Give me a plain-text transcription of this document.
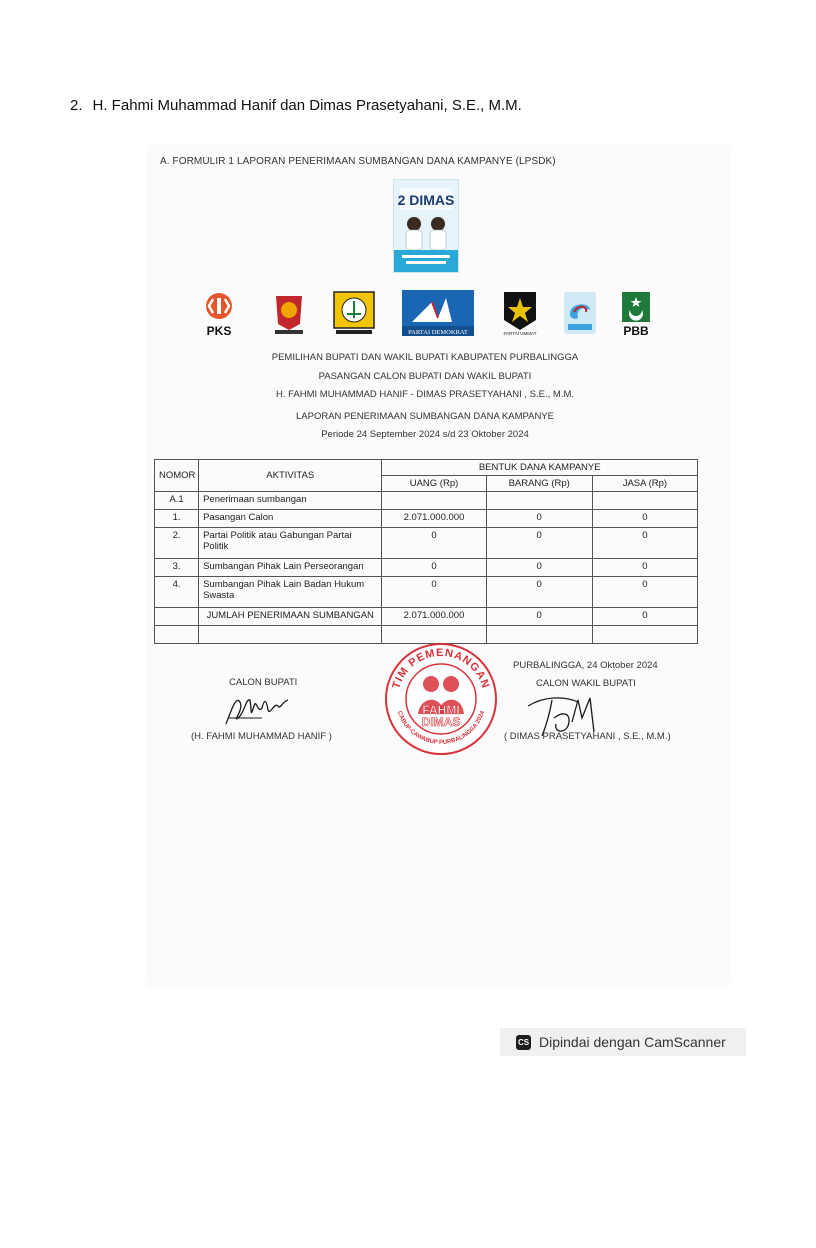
2. H. Fahmi Muhammad Hanif dan Dimas Prasetyahani, S.E., M.M.
A. FORMULIR 1 LAPORAN PENERIMAAN SUMBANGAN DANA KAMPANYE (LPSDK)
2 DIMAS
PKS	PARTAI DEMOKRAT	PARTAI UMMAT	PBB
PEMILIHAN BUPATI DAN WAKIL BUPATI KABUPATEN PURBALINGGA
PASANGAN CALON BUPATI DAN WAKIL BUPATI
H. FAHMI MUHAMMAD HANIF - DIMAS PRASETYAHANI , S.E., M.M.
LAPORAN PENERIMAAN SUMBANGAN DANA KAMPANYE
Periode 24 September 2024 s/d 23 Oktober 2024
NOMOR	AKTIVITAS	BENTUK DANA KAMPANYE		
		UANG (Rp)	BARANG (Rp)	JASA (Rp)
A.1	Penerimaan sumbangan			
1.	Pasangan Calon	2.071.000.000	0	0
2.	Partai Politik atau Gabungan Partai Politik	0	0	0
3.	Sumbangan Pihak Lain Perseorangan	0	0	0
4.	Sumbangan Pihak Lain Badan Hukum Swasta	0	0	0
	JUMLAH PENERIMAAN SUMBANGAN	2.071.000.000	0	0

CALON BUPATI
(H. FAHMI MUHAMMAD HANIF )
PURBALINGGA, 24 Oktober 2024
CALON WAKIL BUPATI
( DIMAS PRASETYAHANI , S.E., M.M.)
TIM PEMENANGAN
CABUP-CAWABUP PURBALINGGA 2024
FAHMI
DIMAS
CS Dipindai dengan CamScanner
